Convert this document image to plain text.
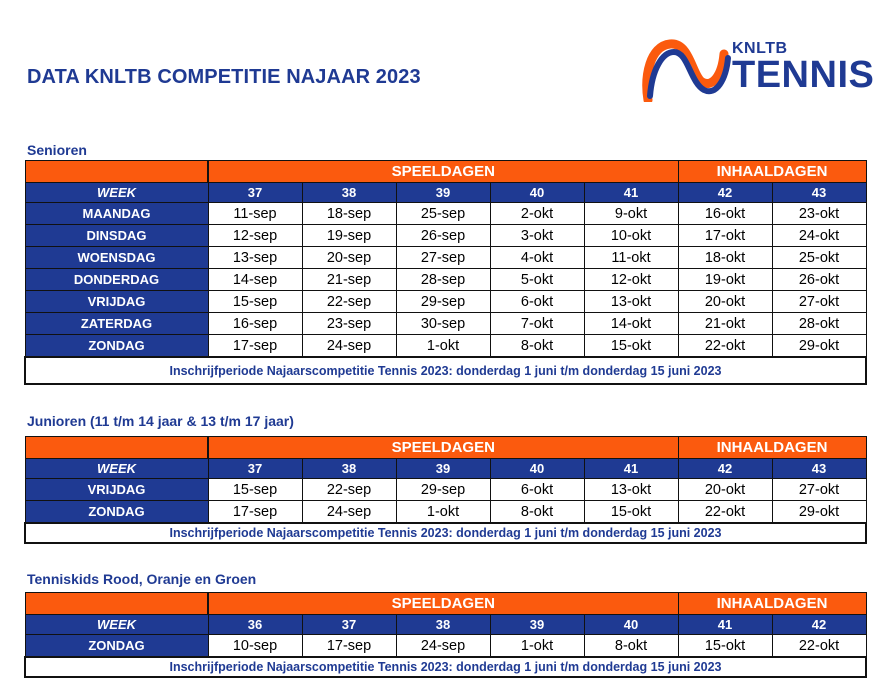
DATA KNLTB COMPETITIE NAJAAR 2023
KNLTB
TENNIS
Senioren
	SPEELDAGEN					INHAALDAGEN	
WEEK	37	38	39	40	41	42	43
MAANDAG	11-sep	18-sep	25-sep	2-okt	9-okt	16-okt	23-okt
DINSDAG	12-sep	19-sep	26-sep	3-okt	10-okt	17-okt	24-okt
WOENSDAG	13-sep	20-sep	27-sep	4-okt	11-okt	18-okt	25-okt
DONDERDAG	14-sep	21-sep	28-sep	5-okt	12-okt	19-okt	26-okt
VRIJDAG	15-sep	22-sep	29-sep	6-okt	13-okt	20-okt	27-okt
ZATERDAG	16-sep	23-sep	30-sep	7-okt	14-okt	21-okt	28-okt
ZONDAG	17-sep	24-sep	1-okt	8-okt	15-okt	22-okt	29-okt
Inschrijfperiode Najaarscompetitie Tennis 2023: donderdag 1 juni t/m donderdag 15 juni 2023							
Junioren (11 t/m 14 jaar & 13 t/m 17 jaar)
	SPEELDAGEN					INHAALDAGEN	
WEEK	37	38	39	40	41	42	43
VRIJDAG	15-sep	22-sep	29-sep	6-okt	13-okt	20-okt	27-okt
ZONDAG	17-sep	24-sep	1-okt	8-okt	15-okt	22-okt	29-okt
Inschrijfperiode Najaarscompetitie Tennis 2023: donderdag 1 juni t/m donderdag 15 juni 2023							
Tenniskids Rood, Oranje en Groen
	SPEELDAGEN					INHAALDAGEN	
WEEK	36	37	38	39	40	41	42
ZONDAG	10-sep	17-sep	24-sep	1-okt	8-okt	15-okt	22-okt
Inschrijfperiode Najaarscompetitie Tennis 2023: donderdag 1 juni t/m donderdag 15 juni 2023							
